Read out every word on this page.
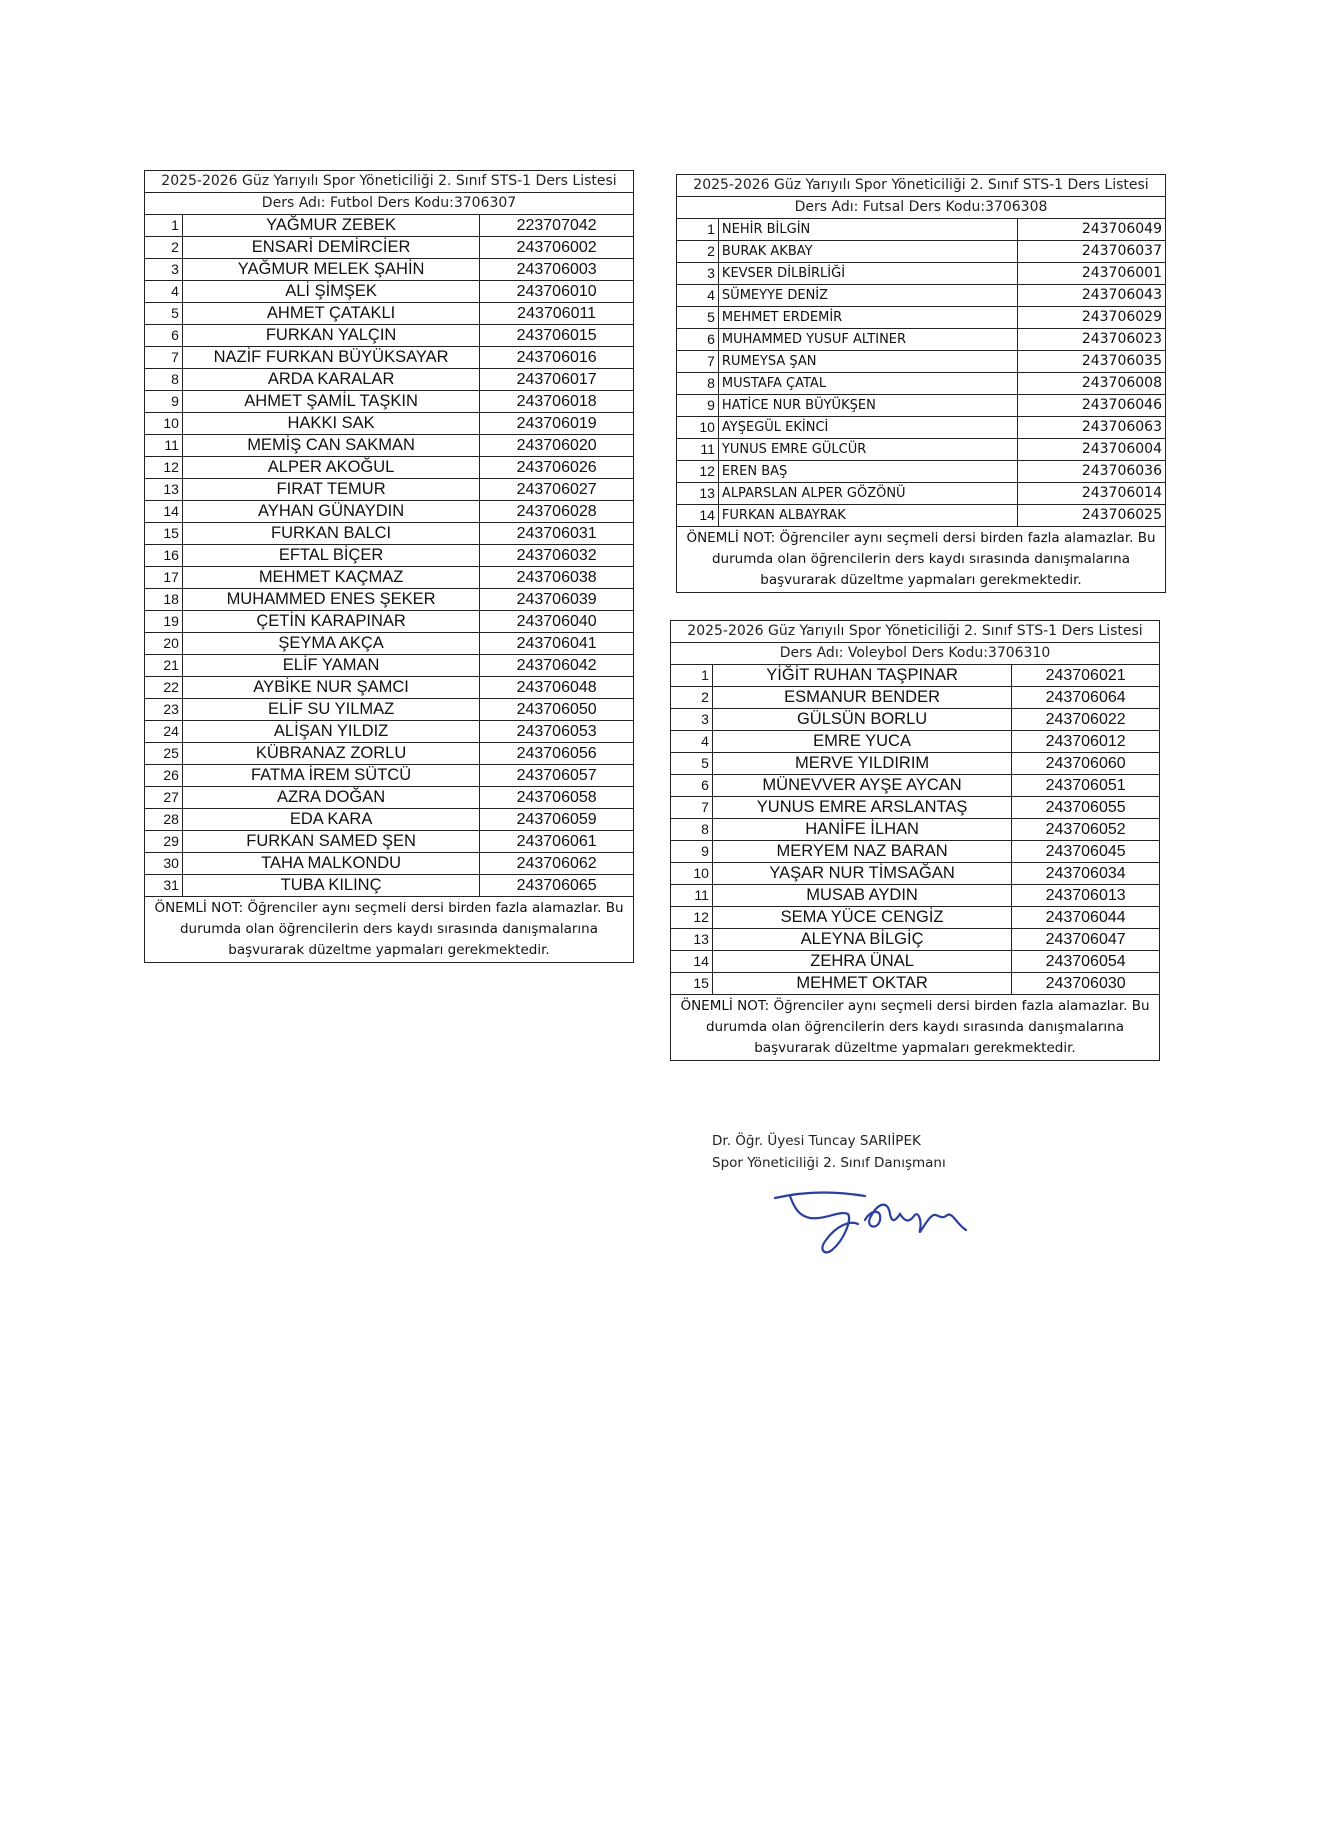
2025-2026 Güz Yarıyılı Spor Yöneticiliği 2. Sınıf STS-1 Ders Listesi		
Ders Adı: Futbol Ders Kodu:3706307		
1	YAĞMUR ZEBEK	223707042
2	ENSARİ DEMİRCİER	243706002
3	YAĞMUR MELEK ŞAHİN	243706003
4	ALİ ŞİMŞEK	243706010
5	AHMET ÇATAKLI	243706011
6	FURKAN YALÇIN	243706015
7	NAZİF FURKAN BÜYÜKSAYAR	243706016
8	ARDA KARALAR	243706017
9	AHMET ŞAMİL TAŞKIN	243706018
10	HAKKI SAK	243706019
11	MEMİŞ CAN SAKMAN	243706020
12	ALPER AKOĞUL	243706026
13	FIRAT TEMUR	243706027
14	AYHAN GÜNAYDIN	243706028
15	FURKAN BALCI	243706031
16	EFTAL BİÇER	243706032
17	MEHMET KAÇMAZ	243706038
18	MUHAMMED ENES ŞEKER	243706039
19	ÇETİN KARAPINAR	243706040
20	ŞEYMA AKÇA	243706041
21	ELİF YAMAN	243706042
22	AYBİKE NUR ŞAMCI	243706048
23	ELİF SU YILMAZ	243706050
24	ALİŞAN YILDIZ	243706053
25	KÜBRANAZ ZORLU	243706056
26	FATMA İREM SÜTCÜ	243706057
27	AZRA DOĞAN	243706058
28	EDA KARA	243706059
29	FURKAN SAMED ŞEN	243706061
30	TAHA MALKONDU	243706062
31	TUBA KILINÇ	243706065
ÖNEMLİ NOT: Öğrenciler aynı seçmeli dersi birden fazla alamazlar. Bu durumda olan öğrencilerin ders kaydı sırasında danışmalarına başvurarak düzeltme yapmaları gerekmektedir.		
2025-2026 Güz Yarıyılı Spor Yöneticiliği 2. Sınıf STS-1 Ders Listesi		
Ders Adı: Futsal Ders Kodu:3706308		
1	NEHİR BİLGİN	243706049
2	BURAK AKBAY	243706037
3	KEVSER DİLBİRLİĞİ	243706001
4	SÜMEYYE DENİZ	243706043
5	MEHMET ERDEMİR	243706029
6	MUHAMMED YUSUF ALTINER	243706023
7	RUMEYSA ŞAN	243706035
8	MUSTAFA ÇATAL	243706008
9	HATİCE NUR BÜYÜKŞEN	243706046
10	AYŞEGÜL EKİNCİ	243706063
11	YUNUS EMRE GÜLCÜR	243706004
12	EREN BAŞ	243706036
13	ALPARSLAN ALPER GÖZÖNÜ	243706014
14	FURKAN ALBAYRAK	243706025
ÖNEMLİ NOT: Öğrenciler aynı seçmeli dersi birden fazla alamazlar. Bu durumda olan öğrencilerin ders kaydı sırasında danışmalarına başvurarak düzeltme yapmaları gerekmektedir.		
2025-2026 Güz Yarıyılı Spor Yöneticiliği 2. Sınıf STS-1 Ders Listesi		
Ders Adı: Voleybol Ders Kodu:3706310		
1	YİĞİT RUHAN TAŞPINAR	243706021
2	ESMANUR BENDER	243706064
3	GÜLSÜN BORLU	243706022
4	EMRE YUCA	243706012
5	MERVE YILDIRIM	243706060
6	MÜNEVVER AYŞE AYCAN	243706051
7	YUNUS EMRE ARSLANTAŞ	243706055
8	HANİFE İLHAN	243706052
9	MERYEM NAZ BARAN	243706045
10	YAŞAR NUR TİMSAĞAN	243706034
11	MUSAB AYDIN	243706013
12	SEMA YÜCE CENGİZ	243706044
13	ALEYNA BİLGİÇ	243706047
14	ZEHRA ÜNAL	243706054
15	MEHMET OKTAR	243706030
ÖNEMLİ NOT: Öğrenciler aynı seçmeli dersi birden fazla alamazlar. Bu durumda olan öğrencilerin ders kaydı sırasında danışmalarına başvurarak düzeltme yapmaları gerekmektedir.		
Dr. Öğr. Üyesi Tuncay SARIİPEK
Spor Yöneticiliği 2. Sınıf Danışmanı
